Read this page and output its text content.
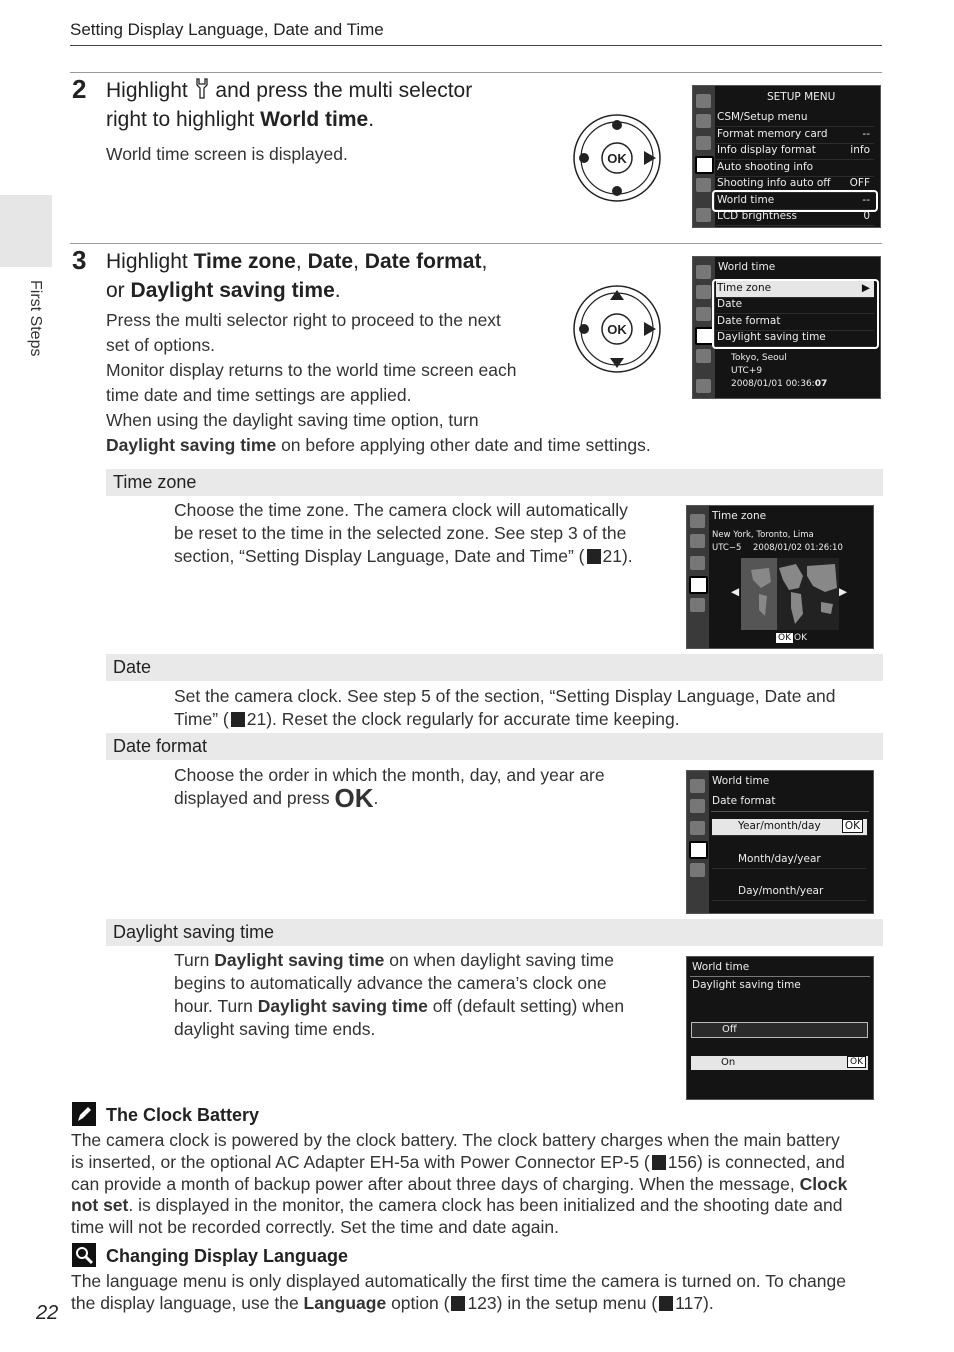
Setting Display Language, Date and Time
First Steps
2 Highlight and press the multi selector
right to highlight World time.
World time screen is displayed.	OK
SETUP MENU
CSM/Setup menu
Format memory card	--
Info display format	info
Auto shooting info
Shooting info auto off OFF
World time	--
LCD brightness	0
3 Highlight Time zone, Date, Date format,
or Daylight saving time.
Press the multi selector right to proceed to the next
set of options.
Monitor display returns to the world time screen each
time date and time settings are applied.
When using the daylight saving time option, turn
Daylight saving time on before applying other date and time settings.
OK
World time
Time zone	▶
Date
Date format
Daylight saving time
Tokyo, Seoul
UTC+9
2008/01/01 00:36:07
Time zone
Choose the time zone. The camera clock will automatically
be reset to the time in the selected zone. See step 3 of the
section, “Setting Display Language, Date and Time” ( 21).
Time zone
New York, Toronto, Lima
UTC−5 2008/01/02 01:26:10
◀	▶
OK OK
Date
Set the camera clock. See step 5 of the section, “Setting Display Language, Date and
Time” ( 21). Reset the clock regularly for accurate time keeping.
Date format
Choose the order in which the month, day, and year are
displayed and press OK.
World time
Date format
Year/month/day OK
Month/day/year
Day/month/year
Daylight saving time
Turn Daylight saving time on when daylight saving time
begins to automatically advance the camera’s clock one
hour. Turn Daylight saving time off (default setting) when
daylight saving time ends.
World time
Daylight saving time
Off
On	OK
The Clock Battery
The camera clock is powered by the clock battery. The clock battery charges when the main battery
is inserted, or the optional AC Adapter EH-5a with Power Connector EP-5 ( 156) is connected, and
can provide a month of backup power after about three days of charging. When the message, Clock
not set. is displayed in the monitor, the camera clock has been initialized and the shooting date and
time will not be recorded correctly. Set the time and date again.
Changing Display Language
The language menu is only displayed automatically the first time the camera is turned on. To change
the display language, use the Language option ( 123) in the setup menu ( 117).
22
